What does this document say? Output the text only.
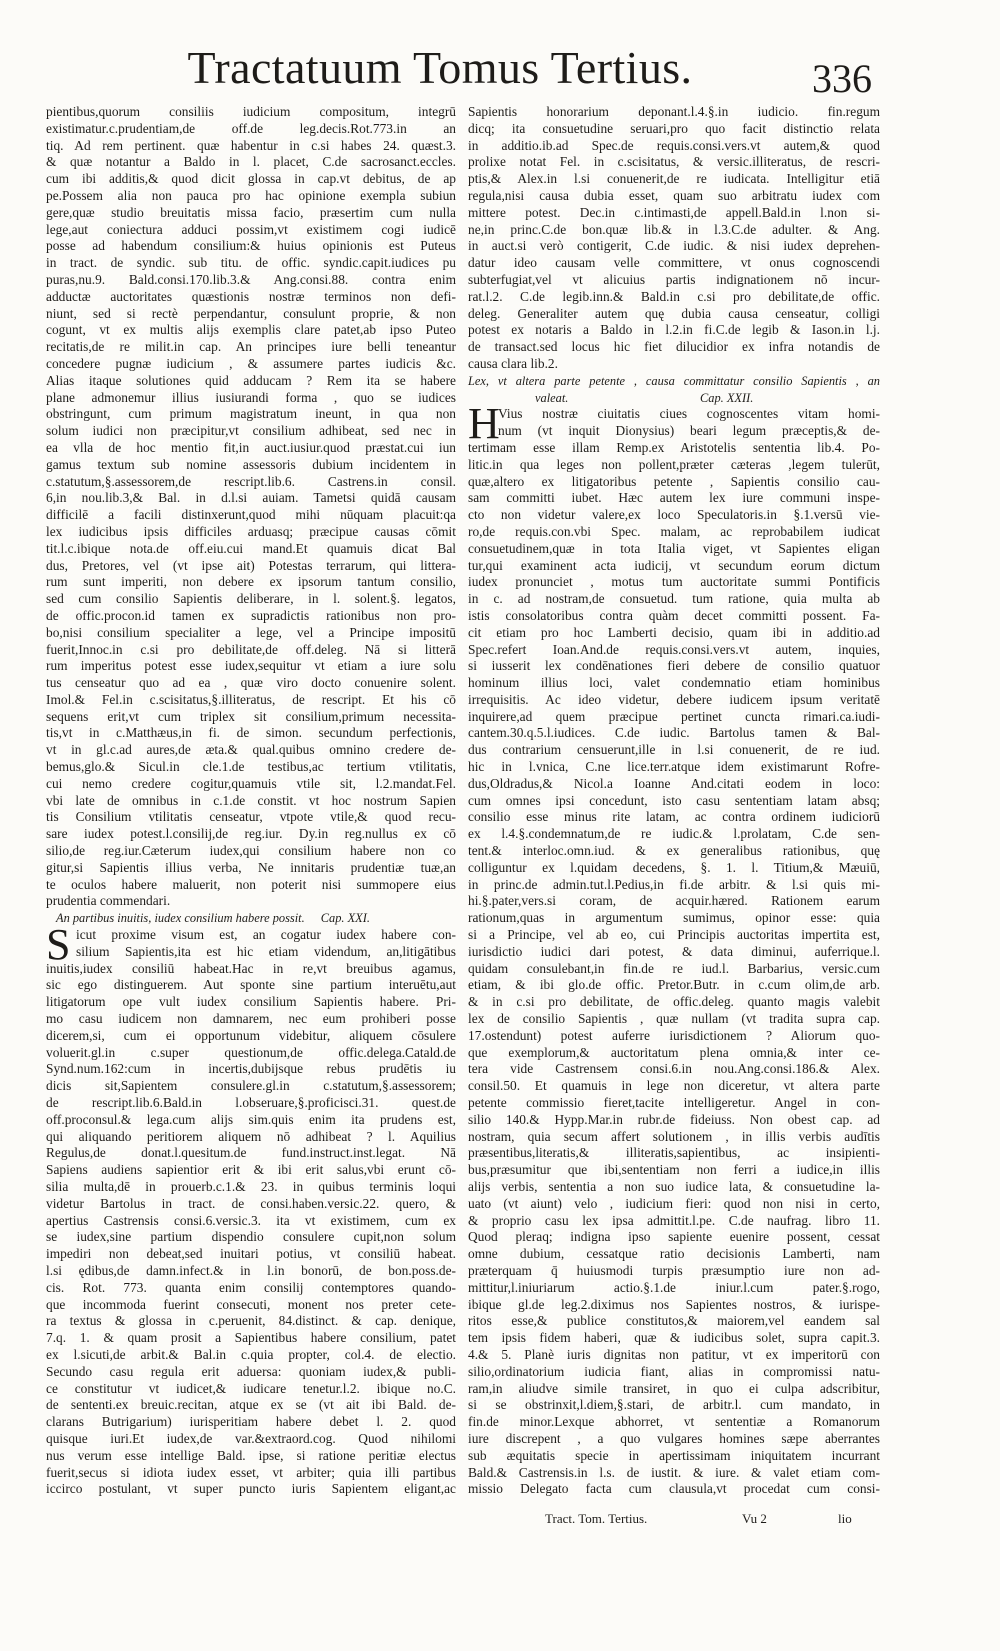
Tractatuum Tomus Tertius.	336
pientibus,quorum consiliis iudicium compositum, integrū
existimatur.c.prudentiam,de off.de leg.decis.Rot.773.in an
tiq. Ad rem pertinent. quæ habentur in c.si habes 24. quæst.3.
& quæ notantur a Baldo in l. placet, C.de sacrosanct.eccles.
cum ibi additis,& quod dicit glossa in cap.vt debitus, de ap
pe.Possem alia non pauca pro hac opinione exempla subiun
gere,quæ studio breuitatis missa facio, præsertim cum nulla
lege,aut coniectura adduci possim,vt existimem cogi iudicē
posse ad habendum consilium:& huius opinionis est Puteus
in tract. de syndic. sub titu. de offic. syndic.capit.iudices pu
puras,nu.9. Bald.consi.170.lib.3.& Ang.consi.88. contra enim
adductæ auctoritates quæstionis nostræ terminos non defi-
niunt, sed si rectè perpendantur, consulunt proprie, & non
cogunt, vt ex multis alijs exemplis clare patet,ab ipso Puteo
recitatis,de re milit.in cap. An principes iure belli teneantur
concedere pugnæ iudicium , & assumere partes iudicis &c.
Alias itaque solutiones quid adducam ? Rem ita se habere
plane admonemur illius iusiurandi forma , quo se iudices
obstringunt, cum primum magistratum ineunt, in qua non
solum iudici non præcipitur,vt consilium adhibeat, sed nec in
ea vlla de hoc mentio fit,in auct.iusiur.quod præstat.cui iun
gamus textum sub nomine assessoris dubium incidentem in
c.statutum,§.assessorem,de rescript.lib.6. Castrens.in consil.
6,in nou.lib.3,& Bal. in d.l.si auiam. Tametsi quidā causam
difficilē a facili distinxerunt,quod mihi nūquam placuit:qa
lex iudicibus ipsis difficiles arduasq; præcipue causas cōmit
tit.l.c.ibique nota.de off.eiu.cui mand.Et quamuis dicat Bal
dus, Pretores, vel (vt ipse ait) Potestas terrarum, qui littera-
rum sunt imperiti, non debere ex ipsorum tantum consilio,
sed cum consilio Sapientis deliberare, in l. solent.§. legatos,
de offic.procon.id tamen ex supradictis rationibus non pro-
bo,nisi consilium specialiter a lege, vel a Principe impositū
fuerit,Innoc.in c.si pro debilitate,de off.deleg. Nā si litterā
rum imperitus potest esse iudex,sequitur vt etiam a iure solu
tus censeatur quo ad ea , quæ viro docto conuenire solent.
Imol.& Fel.in c.scisitatus,§.illiteratus, de rescript. Et his cō
sequens erit,vt cum triplex sit consilium,primum necessita-
tis,vt in c.Matthæus,in fi. de simon. secundum perfectionis,
vt in gl.c.ad aures,de æta.& qual.quibus omnino credere de-
bemus,glo.& Sicul.in cle.1.de testibus,ac tertium vtilitatis,
cui nemo credere cogitur,quamuis vtile sit, l.2.mandat.Fel.
vbi late de omnibus in c.1.de constit. vt hoc nostrum Sapien
tis Consilium vtilitatis censeatur, vtpote vtile,& quod recu-
sare iudex potest.l.consilij,de reg.iur. Dy.in reg.nullus ex cō
silio,de reg.iur.Cæterum iudex,qui consilium habere non co
gitur,si Sapientis illius verba, Ne innitaris prudentiæ tuæ,an
te oculos habere maluerit, non poterit nisi summopere eius
prudentia commendari.
An partibus inuitis, iudex consilium habere possit. Cap. XXI.
S icut proxime visum est, an cogatur iudex habere con-
silium Sapientis,ita est hic etiam videndum, an,litigātibus
inuitis,iudex consiliū habeat.Hac in re,vt breuibus agamus,
sic ego distinguerem. Aut sponte sine partium interuētu,aut
litigatorum ope vult iudex consilium Sapientis habere. Pri-
mo casu iudicem non damnarem, nec eum prohiberi posse
dicerem,si, cum ei opportunum videbitur, aliquem cōsulere
voluerit.gl.in c.super questionum,de offic.delega.Catald.de
Synd.num.162:cum in incertis,dubijsque rebus prudētis iu
dicis sit,Sapientem consulere.gl.in c.statutum,§.assessorem;
de rescript.lib.6.Bald.in l.obseruare,§.proficisci.31. quest.de
off.proconsul.& lega.cum alijs sim.quis enim ita prudens est,
qui aliquando peritiorem aliquem nō adhibeat ? l. Aquilius
Regulus,de donat.l.quesitum.de fund.instruct.inst.legat. Nā
Sapiens audiens sapientior erit & ibi erit salus,vbi erunt cō-
silia multa,dē in prouerb.c.1.& 23. in quibus terminis loqui
videtur Bartolus in tract. de consi.haben.versic.22. quero, &
apertius Castrensis consi.6.versic.3. ita vt existimem, cum ex
se iudex,sine partium dispendio consulere cupit,non solum
impediri non debeat,sed inuitari potius, vt consiliū habeat.
l.si ędibus,de damn.infect.& in l.in bonorū, de bon.poss.de-
cis. Rot. 773. quanta enim consilij contemptores quando-
que incommoda fuerint consecuti, monent nos preter cete-
ra textus & glossa in c.peruenit, 84.distinct. & cap. denique,
7.q. 1. & quam prosit a Sapientibus habere consilium, patet
ex l.sicuti,de arbit.& Bal.in c.quia propter, col.4. de electio.
Secundo casu regula erit aduersa: quoniam iudex,& publi-
ce constitutur vt iudicet,& iudicare tenetur.l.2. ibique no.C.
de sententi.ex breuic.recitan, atque ex se (vt ait ibi Bald. de-
clarans Butrigarium) iurisperitiam habere debet l. 2. quod
quisque iuri.Et iudex,de var.&extraord.cog. Quod nihilomi
nus verum esse intellige Bald. ipse, si ratione peritiæ electus
fuerit,secus si idiota iudex esset, vt arbiter; quia illi partibus
iccirco postulant, vt super puncto iuris Sapientem eligant,ac
Sapientis honorarium deponant.l.4.§.in iudicio. fin.regum
dicq; ita consuetudine seruari,pro quo facit distinctio relata
in additio.ib.ad Spec.de requis.consi.vers.vt autem,& quod
prolixe notat Fel. in c.scisitatus, & versic.illiteratus, de rescri-
ptis,& Alex.in l.si conuenerit,de re iudicata. Intelligitur etiā
regula,nisi causa dubia esset, quam suo arbitratu iudex com
mittere potest. Dec.in c.intimasti,de appell.Bald.in l.non si-
ne,in princ.C.de bon.quæ lib.& in l.3.C.de adulter. & Ang.
in auct.si verò contigerit, C.de iudic. & nisi iudex deprehen-
datur ideo causam velle committere, vt onus cognoscendi
subterfugiat,vel vt alicuius partis indignationem nō incur-
rat.l.2. C.de legib.inn.& Bald.in c.si pro debilitate,de offic.
deleg. Generaliter autem quę dubia causa censeatur, colligi
potest ex notaris a Baldo in l.2.in fi.C.de legib & Iason.in l.j.
de transact.sed locus hic fiet dilucidior ex infra notandis de
causa clara lib.2.
Lex, vt altera parte petente , causa committatur consilio Sapientis , an
valeat.	Cap. XXII.
H
Vius nostræ ciuitatis ciues cognoscentes vitam homi-
num (vt inquit Dionysius) beari legum præceptis,& de-
tertimam esse illam Remp.ex Aristotelis sententia lib.4. Po-
litic.in qua leges non pollent,præter cæteras ,legem tulerūt,
quæ,altero ex litigatoribus petente , Sapientis consilio cau-
sam committi iubet. Hæc autem lex iure communi inspe-
cto non videtur valere,ex loco Speculatoris.in §.1.versū vie-
ro,de requis.con.vbi Spec. malam, ac reprobabilem iudicat
consuetudinem,quæ in tota Italia viget, vt Sapientes eligan
tur,qui examinent acta iudicij, vt secundum eorum dictum
iudex pronunciet , motus tum auctoritate summi Pontificis
in c. ad nostram,de consuetud. tum ratione, quia multa ab
istis consolatoribus contra quàm decet committi possent. Fa-
cit etiam pro hoc Lamberti decisio, quam ibi in additio.ad
Spec.refert Ioan.And.de requis.consi.vers.vt autem, inquies,
si iusserit lex condēnationes fieri debere de consilio quatuor
hominum illius loci, valet condemnatio etiam hominibus
irrequisitis. Ac ideo videtur, debere iudicem ipsum veritatē
inquirere,ad quem præcipue pertinet cuncta rimari.ca.iudi-
cantem.30.q.5.l.iudices. C.de iudic. Bartolus tamen & Bal-
dus contrarium censuerunt,ille in l.si conuenerit, de re iud.
hic in l.vnica, C.ne lice.terr.atque idem existimarunt Rofre-
dus,Oldradus,& Nicol.a Ioanne And.citati eodem in loco:
cum omnes ipsi concedunt, isto casu sententiam latam absq;
consilio esse minus rite latam, ac contra ordinem iudiciorū
ex l.4.§.condemnatum,de re iudic.& l.prolatam, C.de sen-
tent.& interloc.omn.iud. & ex generalibus rationibus, quę
colliguntur ex l.quidam decedens, §. 1. l. Titium,& Mæuiū,
in princ.de admin.tut.l.Pedius,in fi.de arbitr. & l.si quis mi-
hi.§.pater,vers.si coram, de acquir.hæred. Rationem earum
rationum,quas in argumentum sumimus, opinor esse: quia
si a Principe, vel ab eo, cui Principis auctoritas impertita est,
iurisdictio iudici dari potest, & data diminui, auferrique.l.
quidam consulebant,in fin.de re iud.l. Barbarius, versic.cum
etiam, & ibi glo.de offic. Pretor.Butr. in c.cum olim,de arb.
& in c.si pro debilitate, de offic.deleg. quanto magis valebit
lex de consilio Sapientis , quæ nullam (vt tradita supra cap.
17.ostendunt) potest auferre iurisdictionem ? Aliorum quo-
que exemplorum,& auctoritatum plena omnia,& inter ce-
tera vide Castrensem consi.6.in nou.Ang.consi.186.& Alex.
consil.50. Et quamuis in lege non diceretur, vt altera parte
petente commissio fieret,tacite intelligeretur. Angel in con-
silio 140.& Hypp.Mar.in rubr.de fideiuss. Non obest cap. ad
nostram, quia secum affert solutionem , in illis verbis audītis
præsentibus,literatis,& illiteratis,sapientibus, ac insipienti-
bus,præsumitur que ibi,sententiam non ferri a iudice,in illis
alijs verbis, sententia a non suo iudice lata, & consuetudine la-
uato (vt aiunt) velo , iudicium fieri: quod non nisi in certo,
& proprio casu lex ipsa admittit.l.pe. C.de naufrag. libro 11.
Quod pleraq; indigna ipso sapiente euenire possent, cessat
omne dubium, cessatque ratio decisionis Lamberti, nam
præterquam q̄ huiusmodi turpis præsumptio iure non ad-
mittitur,l.iniuriarum actio.§.1.de iniur.l.cum pater.§.rogo,
ibique gl.de leg.2.diximus nos Sapientes nostros, & iurispe-
ritos esse,& publice constitutos,& maiorem,vel eandem sal
tem ipsis fidem haberi, quæ & iudicibus solet, supra capit.3.
4.& 5. Planè iuris dignitas non patitur, vt ex imperitorū con
silio,ordinatorium iudicia fiant, alias in compromissi natu-
ram,in aliudve simile transiret, in quo ei culpa adscribitur,
si se obstrinxit,l.diem,§.stari, de arbitr.l. cum mandato, in
fin.de minor.Lexque abhorret, vt sententiæ a Romanorum
iure discrepent , a quo vulgares homines sæpe aberrantes
sub æquitatis specie in apertissimam iniquitatem incurrant
Bald.& Castrensis.in l.s. de iustit. & iure. & valet etiam com-
missio Delegato facta cum clausula,vt procedat cum consi-
Tract. Tom. Tertius.	Vu 2	lio
